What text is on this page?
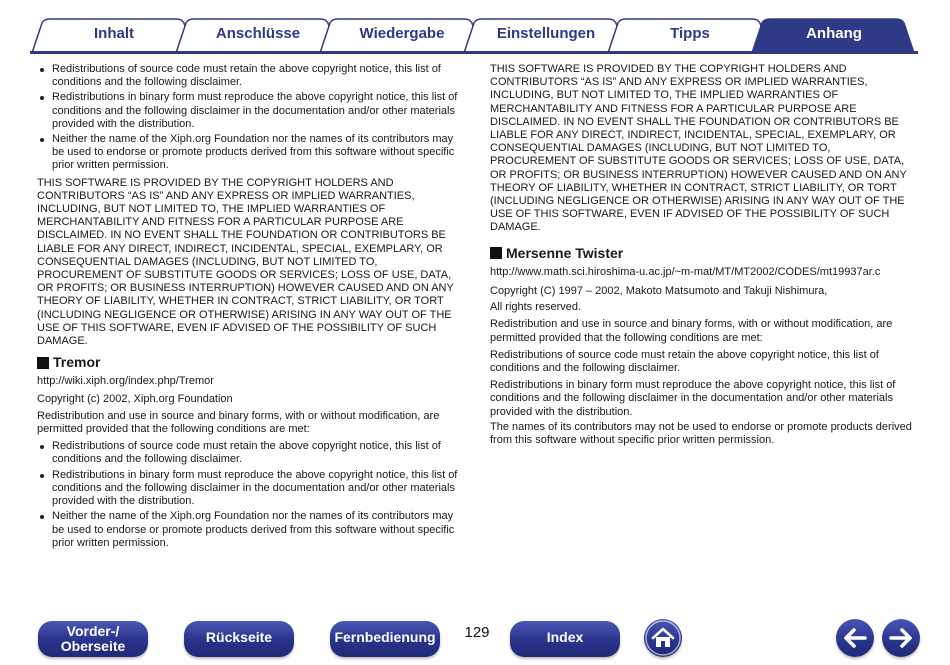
Inhalt	Anschlüsse	Wiedergabe	Einstellungen	Tipps	Anhang
Redistributions of source code must retain the above copyright notice, this list of conditions and the following disclaimer.
Redistributions in binary form must reproduce the above copyright notice, this list of conditions and the following disclaimer in the documentation and/or other materials provided with the distribution.
Neither the name of the Xiph.org Foundation nor the names of its contributors may be used to endorse or promote products derived from this software without specific prior written permission.
THIS SOFTWARE IS PROVIDED BY THE COPYRIGHT HOLDERS AND CONTRIBUTORS “AS IS” AND ANY EXPRESS OR IMPLIED WARRANTIES, INCLUDING, BUT NOT LIMITED TO, THE IMPLIED WARRANTIES OF MERCHANTABILITY AND FITNESS FOR A PARTICULAR PURPOSE ARE DISCLAIMED. IN NO EVENT SHALL THE FOUNDATION OR CONTRIBUTORS BE LIABLE FOR ANY DIRECT, INDIRECT, INCIDENTAL, SPECIAL, EXEMPLARY, OR CONSEQUENTIAL DAMAGES (INCLUDING, BUT NOT LIMITED TO, PROCUREMENT OF SUBSTITUTE GOODS OR SERVICES; LOSS OF USE, DATA, OR PROFITS; OR BUSINESS INTERRUPTION) HOWEVER CAUSED AND ON ANY THEORY OF LIABILITY, WHETHER IN CONTRACT, STRICT LIABILITY, OR TORT (INCLUDING NEGLIGENCE OR OTHERWISE) ARISING IN ANY WAY OUT OF THE USE OF THIS SOFTWARE, EVEN IF ADVISED OF THE POSSIBILITY OF SUCH DAMAGE.
Tremor
http://wiki.xiph.org/index.php/Tremor
Copyright (c) 2002, Xiph.org Foundation
Redistribution and use in source and binary forms, with or without modification, are permitted provided that the following conditions are met:
Redistributions of source code must retain the above copyright notice, this list of conditions and the following disclaimer.
Redistributions in binary form must reproduce the above copyright notice, this list of conditions and the following disclaimer in the documentation and/or other materials provided with the distribution.
Neither the name of the Xiph.org Foundation nor the names of its contributors may be used to endorse or promote products derived from this software without specific prior written permission.
THIS SOFTWARE IS PROVIDED BY THE COPYRIGHT HOLDERS AND CONTRIBUTORS “AS IS” AND ANY EXPRESS OR IMPLIED WARRANTIES, INCLUDING, BUT NOT LIMITED TO, THE IMPLIED WARRANTIES OF MERCHANTABILITY AND FITNESS FOR A PARTICULAR PURPOSE ARE DISCLAIMED. IN NO EVENT SHALL THE FOUNDATION OR CONTRIBUTORS BE LIABLE FOR ANY DIRECT, INDIRECT, INCIDENTAL, SPECIAL, EXEMPLARY, OR CONSEQUENTIAL DAMAGES (INCLUDING, BUT NOT LIMITED TO, PROCUREMENT OF SUBSTITUTE GOODS OR SERVICES; LOSS OF USE, DATA, OR PROFITS; OR BUSINESS INTERRUPTION) HOWEVER CAUSED AND ON ANY THEORY OF LIABILITY, WHETHER IN CONTRACT, STRICT LIABILITY, OR TORT (INCLUDING NEGLIGENCE OR OTHERWISE) ARISING IN ANY WAY OUT OF THE USE OF THIS SOFTWARE, EVEN IF ADVISED OF THE POSSIBILITY OF SUCH DAMAGE.
Mersenne Twister
http://www.math.sci.hiroshima-u.ac.jp/~m-mat/MT/MT2002/CODES/mt19937ar.c
Copyright (C) 1997 – 2002, Makoto Matsumoto and Takuji Nishimura,
All rights reserved.
Redistribution and use in source and binary forms, with or without modification, are permitted provided that the following conditions are met:
Redistributions of source code must retain the above copyright notice, this list of conditions and the following disclaimer.
Redistributions in binary form must reproduce the above copyright notice, this list of conditions and the following disclaimer in the documentation and/or other materials provided with the distribution.
The names of its contributors may not be used to endorse or promote products derived from this software without specific prior written permission.
Vorder-/
Oberseite
Rückseite	Fernbedienung 129	Index
